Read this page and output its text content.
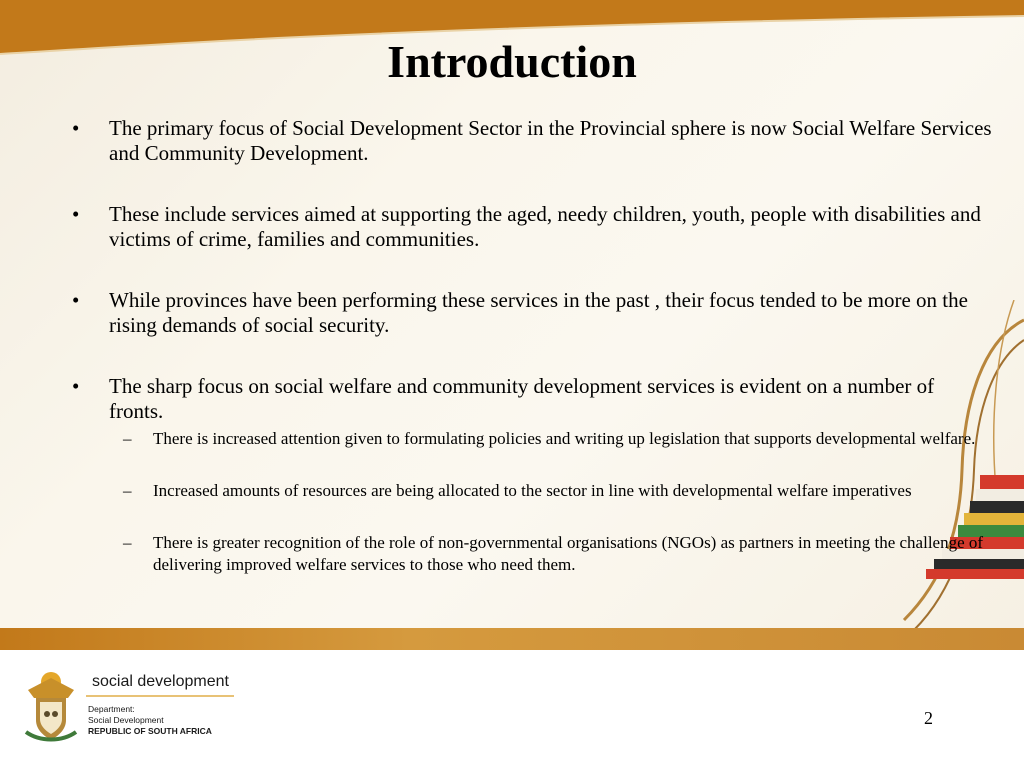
Introduction
• The primary focus of Social Development Sector in the Provincial sphere is now Social Welfare Services and Community Development.
• These include services aimed at supporting the aged, needy children, youth, people with disabilities and victims of crime, families and communities.
• While provinces have been performing these services in the past , their focus tended to be more on the rising demands of social security.
• The sharp focus on social welfare and community development services is evident on a number of fronts.
– There is increased attention given to formulating policies and writing up legislation that supports developmental welfare.
– Increased amounts of resources are being allocated to the sector in line with developmental welfare imperatives
– There is greater recognition of the role of non-governmental organisations (NGOs) as partners in meeting the challenge of delivering improved welfare services to those who need them.
social development
Department:
Social Development
REPUBLIC OF SOUTH AFRICA
2
